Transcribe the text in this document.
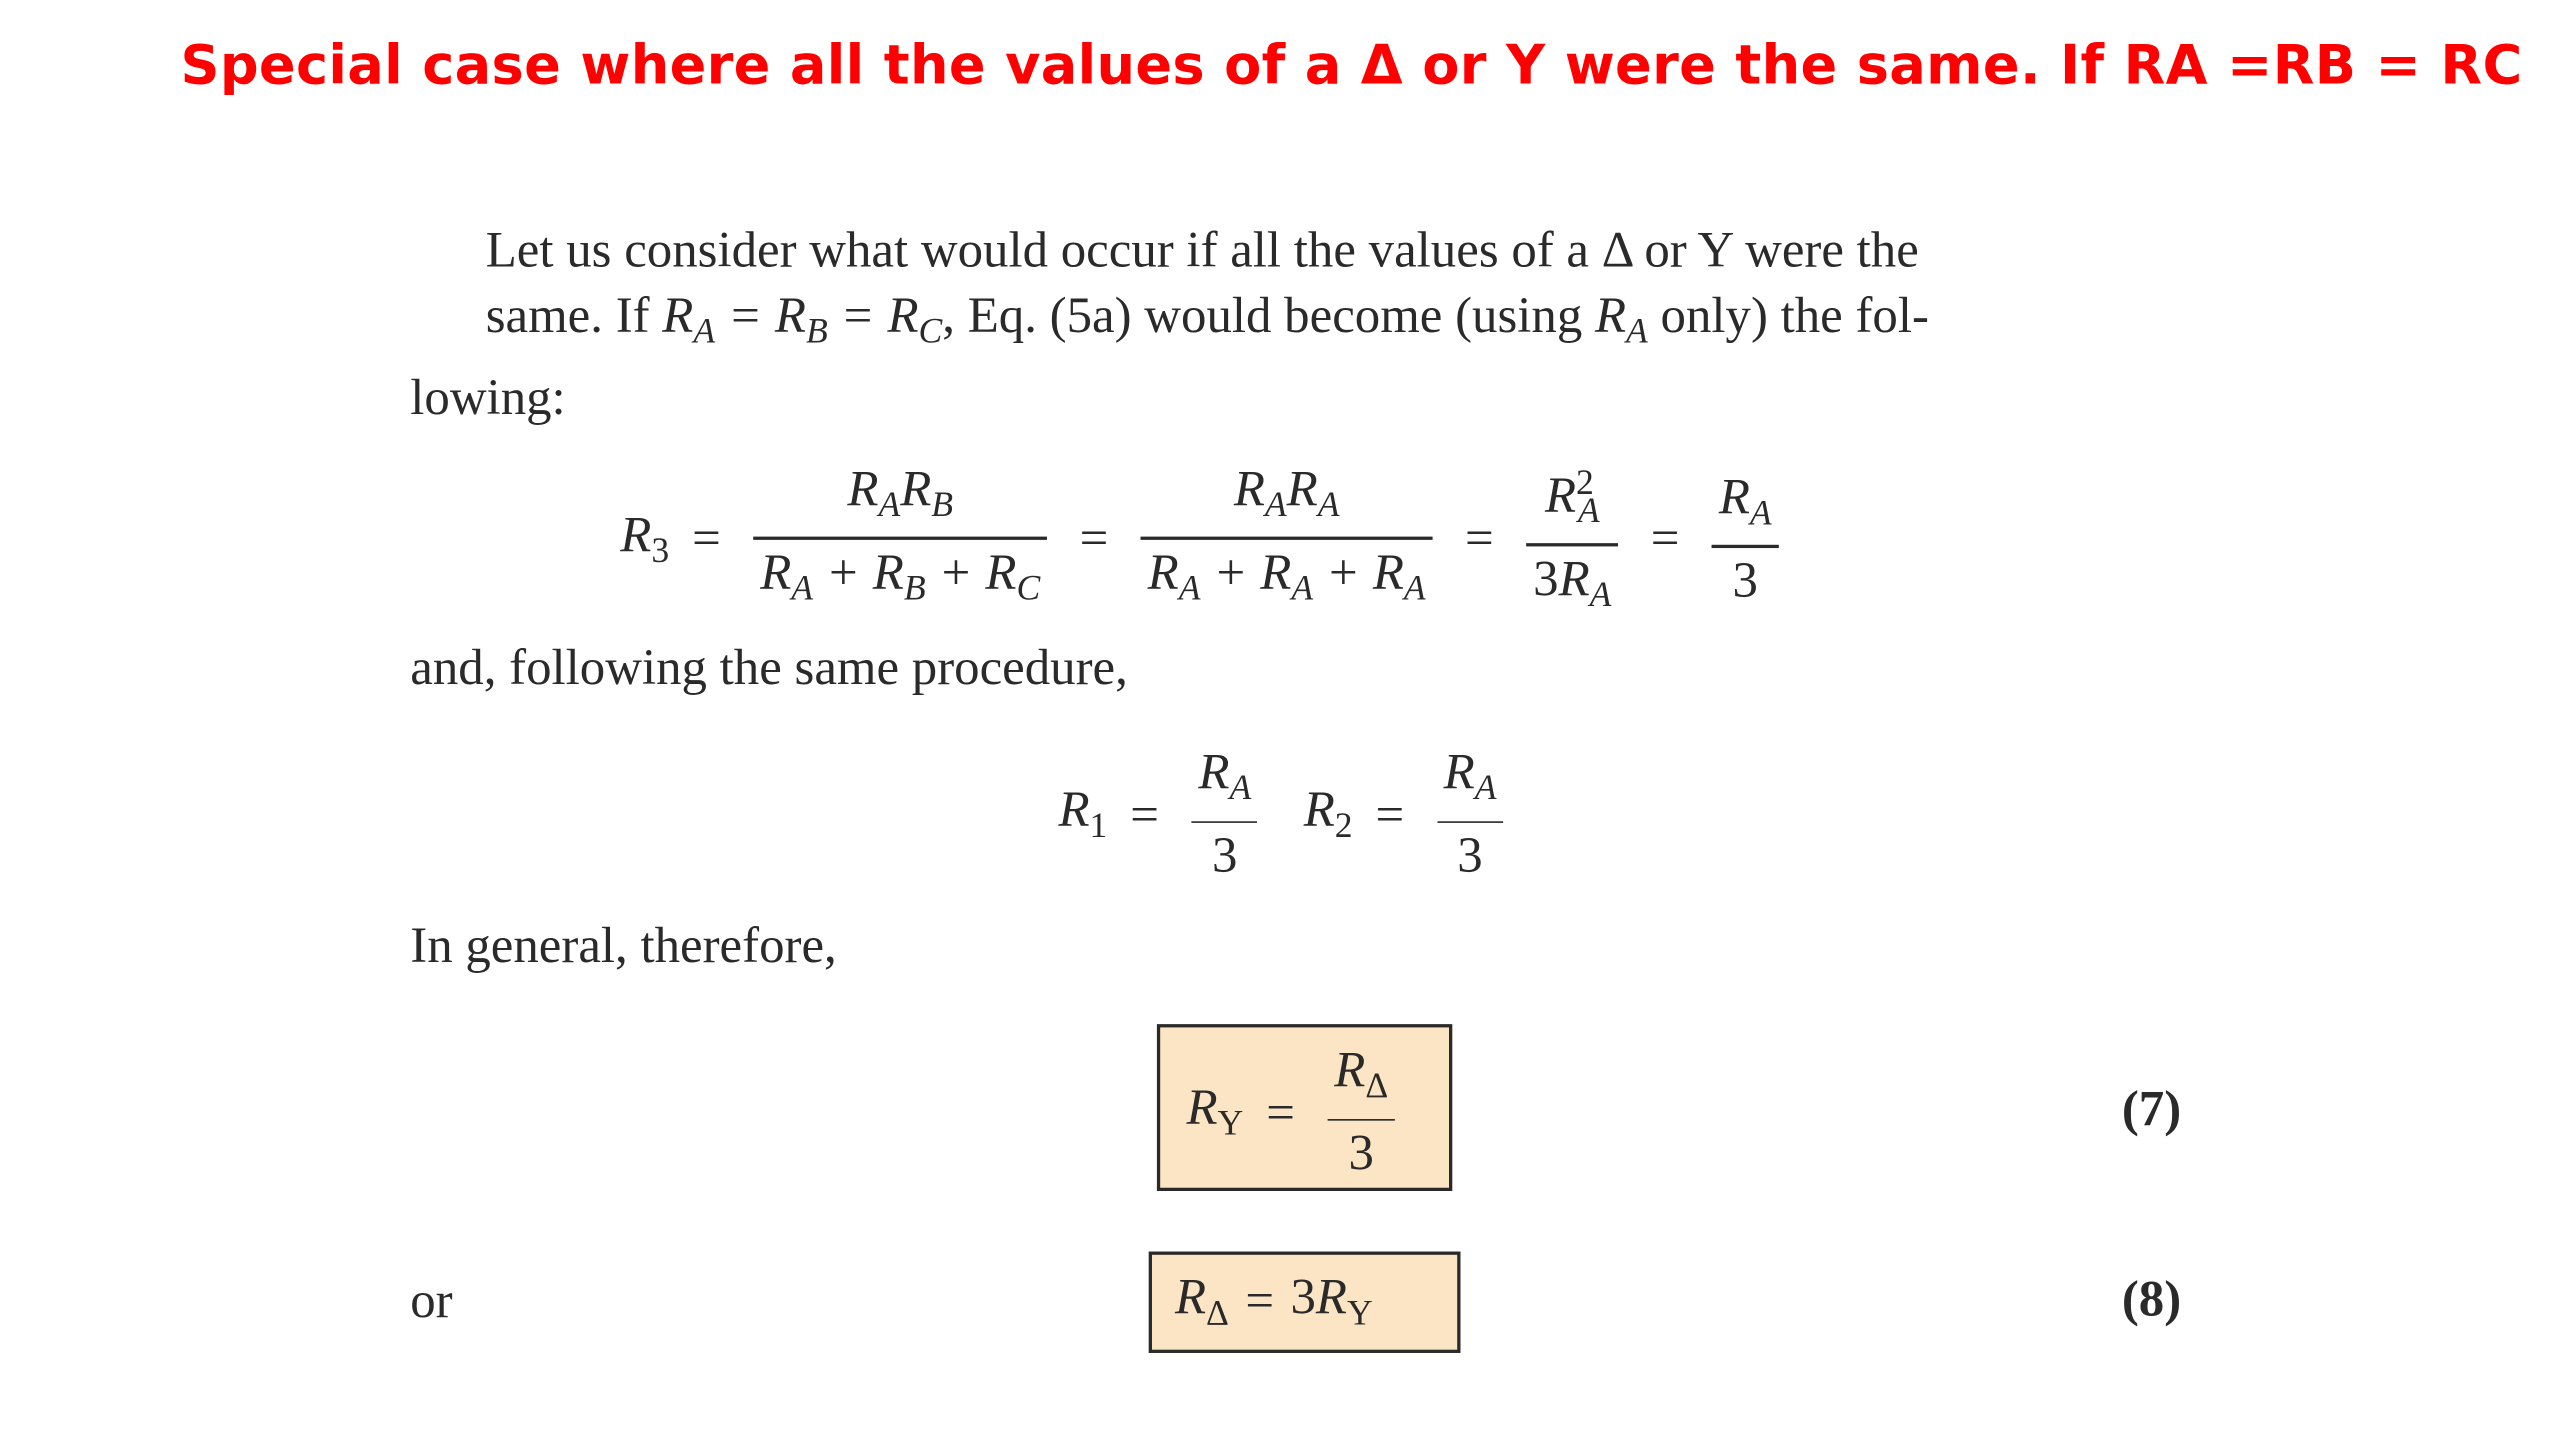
Special case where all the values of a Δ or Y were the same. If RA =RB = RC
Let us consider what would occur if all the values of a Δ or Y were the
same. If $R_A = R_B = R_C$, Eq. (5a) would become (using $R_A$ only) the fol-
lowing:
$R_3 = \frac{R_AR_B}{R_A + R_B + R_C} = \frac{R_AR_A}{R_A + R_A + R_A} = \frac{R^2_A}{3R_A} = \frac{R_A}{3}$
and, following the same procedure,
$R_1 = \frac{R_A}{3} R_2 = \frac{R_A}{3}$
In general, therefore,
$R_Y = \frac{R_\Delta}{3}$	(7)
or	$R_\Delta = 3R_Y$	(8)
